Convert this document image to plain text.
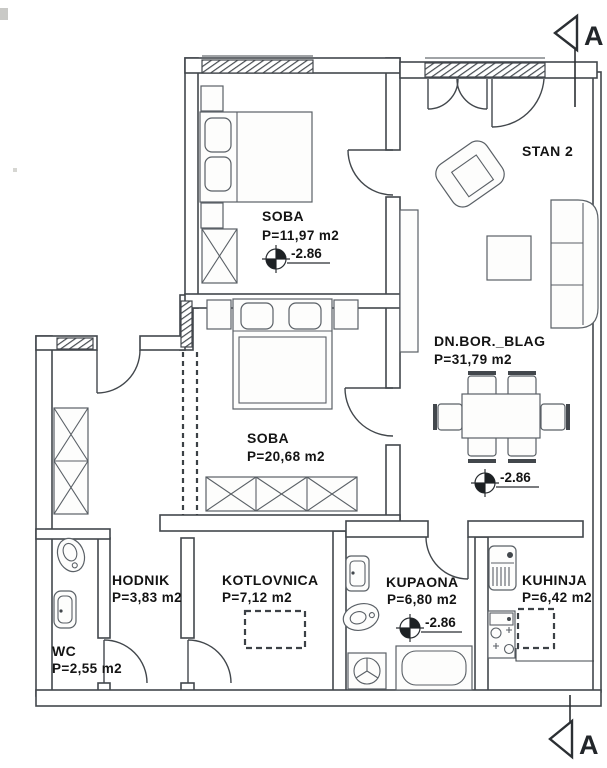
-2.86
-2.86
-2.86
SOBA
P=11,97 m2
STAN 2
DN.BOR._BLAG
P=31,79 m2
SOBA
P=20,68 m2
HODNIK
P=3,83 m2
KOTLOVNICA
P=7,12 m2
KUPAONA
P=6,80 m2
KUHINJA
P=6,42 m2
WC
P=2,55 m2
A
A
